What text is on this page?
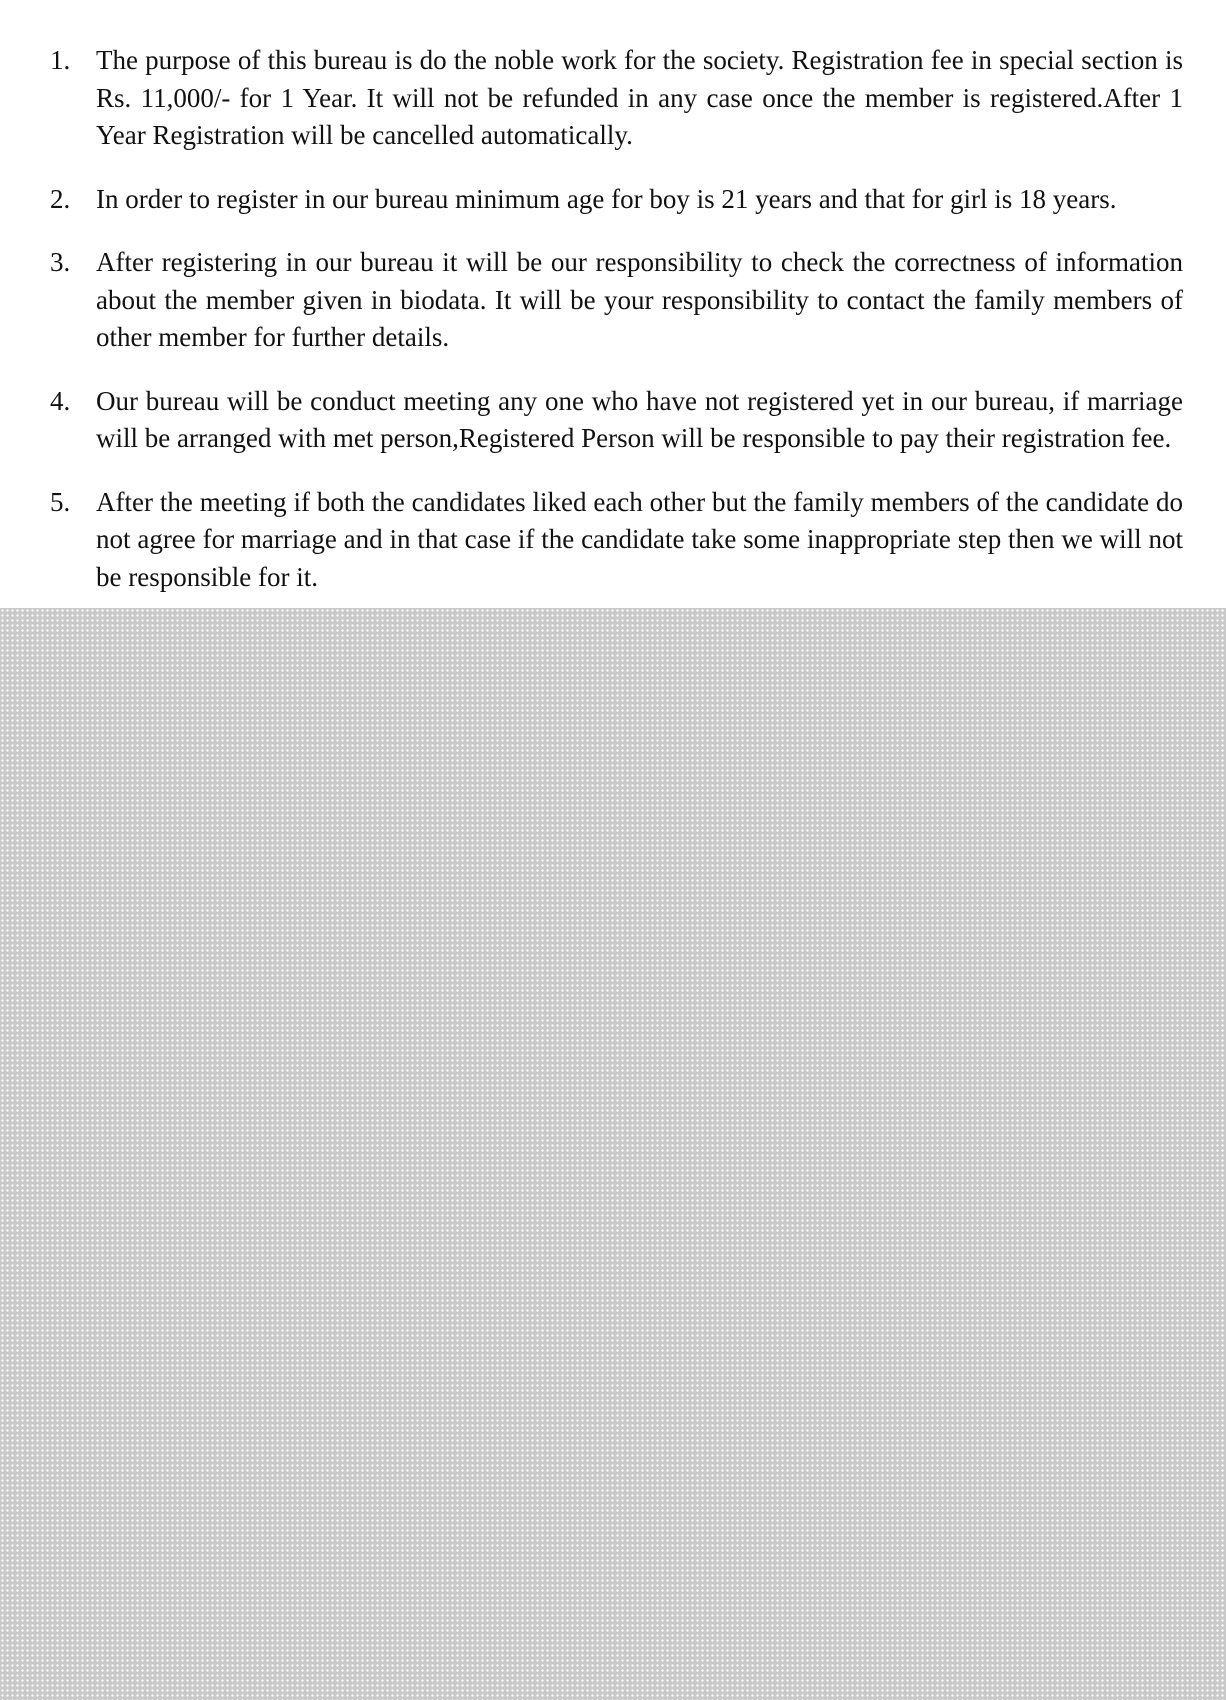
1. The purpose of this bureau is do the noble work for the society. Registration fee in special section is Rs. 11,000/- for 1 Year. It will not be refunded in any case once the member is registered.After 1 Year Registration will be cancelled automatically.
2. In order to register in our bureau minimum age for boy is 21 years and that for girl is 18 years.
3. After registering in our bureau it will be our responsibility to check the correctness of information about the member given in biodata. It will be your responsibility to contact the family members of other member for further details.
4. Our bureau will be conduct meeting any one who have not registered yet in our bureau, if marriage will be arranged with met person,Registered Person will be responsible to pay their registration fee.
5. After the meeting if both the candidates liked each other but the family members of the candidate do not agree for marriage and in that case if the candidate take some inappropriate step then we will not be responsible for it.
